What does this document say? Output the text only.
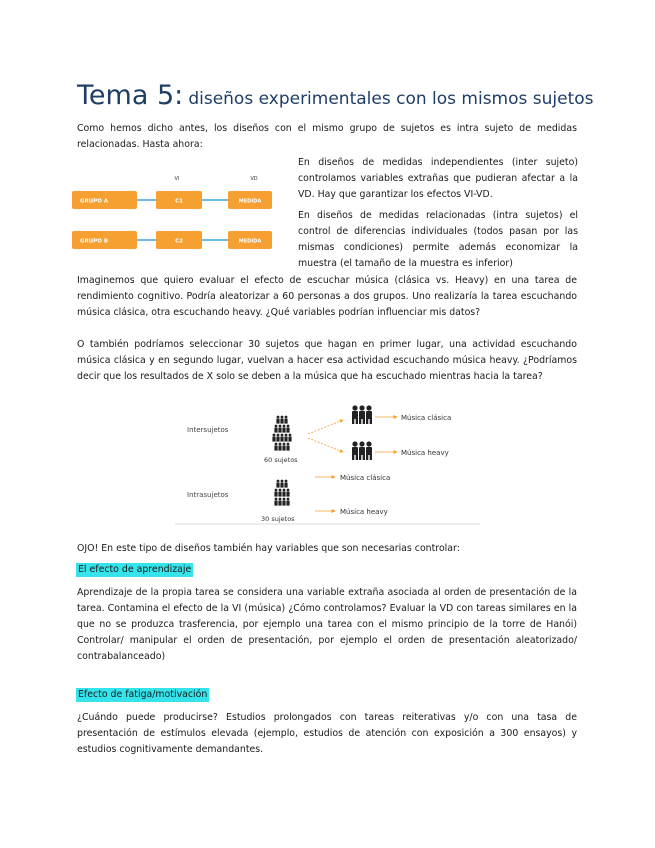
Tema 5: diseños experimentales con los mismos sujetos

Como hemos dicho antes, los diseños con el mismo grupo de sujetos es intra sujeto de medidas relacionadas. Hasta ahora:

VI	VD
GRUPO A	C1	MEDIDA
GRUPO B	C2	MEDIDA

En diseños de medidas independientes (inter sujeto) controlamos variables extrañas que pudieran afectar a la VD. Hay que garantizar los efectos VI-VD.

En diseños de medidas relacionadas (intra sujetos) el control de diferencias individuales (todos pasan por las mismas condiciones) permite además economizar la muestra (el tamaño de la muestra es inferior)

Imaginemos que quiero evaluar el efecto de escuchar música (clásica vs. Heavy) en una tarea de rendimiento cognitivo. Podría aleatorizar a 60 personas a dos grupos. Uno realizaría la tarea escuchando música clásica, otra escuchando heavy. ¿Qué variables podrían influenciar mis datos?

O también podríamos seleccionar 30 sujetos que hagan en primer lugar, una actividad escuchando música clásica y en segundo lugar, vuelvan a hacer esa actividad escuchando música heavy. ¿Podríamos decir que los resultados de X solo se deben a la música que ha escuchado mientras hacia la tarea?

Intersujetos
Intrasujetos
60 sujetos
30 sujetos
Música clásica
Música heavy
Música clásica
Música heavy

OJO! En este tipo de diseños también hay variables que son necesarias controlar:

El efecto de aprendizaje

Aprendizaje de la propia tarea se considera una variable extraña asociada al orden de presentación de la tarea. Contamina el efecto de la VI (música) ¿Cómo controlamos? Evaluar la VD con tareas similares en la que no se produzca trasferencia, por ejemplo una tarea con el mismo principio de la torre de Hanói) Controlar/ manipular el orden de presentación, por ejemplo el orden de presentación aleatorizado/ contrabalanceado)

Efecto de fatiga/motivación

¿Cuándo puede producirse? Estudios prolongados con tareas reiterativas y/o con una tasa de presentación de estímulos elevada (ejemplo, estudios de atención con exposición a 300 ensayos) y estudios cognitivamente demandantes.
